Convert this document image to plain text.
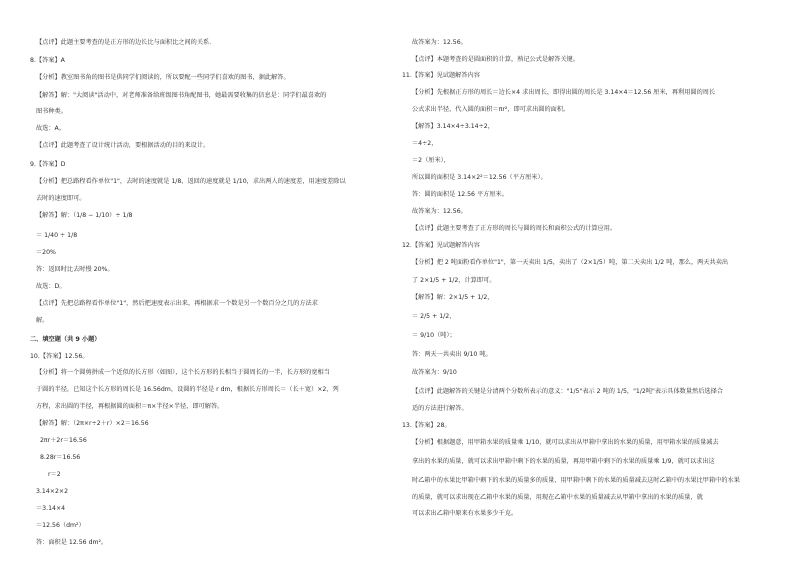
【点评】此题主要考查的是正方形的边长比与面积比之间的关系．
8.【答案】A
【分析】教室图书角的图书是供同学们阅读的，所以要配一些同学们喜欢的图书，据此解答。
【解答】解："大阅读"活动中，对老师准备给班级图书角配图书，她最需要收集的信息是：同学们最喜欢的
图书种类。
故选：A。
【点评】此题考查了设计统计活动，要根据活动的目的来设计。
9.【答案】D
【分析】把总路程看作单位"1"，去时的速度就是 1/8，返回的速度就是 1/10，求出两人的速度差，用速度差除以
去时的速度即可。
【解答】解：（1/8 − 1/10）÷ 1/8
＝ 1/40 ÷ 1/8
＝20%
答：返回时比去时慢 20%。
故选：D。
【点评】先把总路程看作单位"1"，然后把速度表示出来，再根据求一个数是另一个数百分之几的方法求
解。
二、填空题（共 9 小题）
10.【答案】12.56。
【分析】将一个圆剪拼成一个近似的长方形（如图），这个长方形的长相当于圆周长的一半，长方形的宽相当
于圆的半径，已知这个长方形的周长是 16.56dm，设圆的半径是 r dm，根据长方形周长＝（长＋宽）×2，列
方程，求出圆的半径，再根据圆的面积＝π×半径×半径，即可解答。
【解答】解：（2π×r÷2＋r）×2＝16.56
2πr＋2r＝16.56
8.28r＝16.56
r＝2
3.14×2×2
＝3.14×4
＝12.56（dm²）
答：面积是 12.56 dm²。
故答案为：12.56。
【点评】本题考查的是圆面积的计算，熟记公式是解答关键。
11.【答案】见试题解答内容
【分析】先根据正方形的周长＝边长×4 求出周长，即得出圆的周长是 3.14×4＝12.56 厘米，再利用圆的周长
公式求出半径，代入圆的面积＝πr²，即可求出圆的面积。
【解答】3.14×4÷3.14÷2，
＝4÷2，
＝2（厘米），
所以圆的面积是 3.14×2²＝12.56（平方厘米）。
答：圆的面积是 12.56 平方厘米。
故答案为：12.56。
【点评】此题主要考查了正方形的周长与圆的周长和面积公式的计算应用。
12.【答案】见试题解答内容
【分析】把 2 吨面粉看作单位"1"，第一天卖出 1/5，卖出了（2×1/5）吨，第二天卖出 1/2 吨，那么，两天共卖出
了 2×1/5 + 1/2，计算即可。
【解答】解：2×1/5 + 1/2，
＝ 2/5 + 1/2，
＝ 9/10（吨）；
答：两天一共卖出 9/10 吨。
故答案为：9/10
【点评】此题解答的关键是分清两个分数所表示的意义："1/5"表示 2 吨的 1/5，"1/2吨"表示具体数量然后选择合
适的方法进行解答。
13.【答案】28。
【分析】根据题意，用甲箱水果的质量乘 1/10，就可以求出从甲箱中拿出的水果的质量，用甲箱水果的质量减去
拿出的水果的质量，就可以求出甲箱中剩下的水果的质量，再用甲箱中剩下的水果的质量乘 1/9，就可以求出这
时乙箱中的水果比甲箱中剩下的水果的质量多的质量，用甲箱中剩下的水果的质量减去这时乙箱中的水果比甲箱中的水果
的质量，就可以求出现在乙箱中水果的质量，用现在乙箱中水果的质量减去从甲箱中拿出的水果的质量，就
可以求出乙箱中原来有水果多少千克。
